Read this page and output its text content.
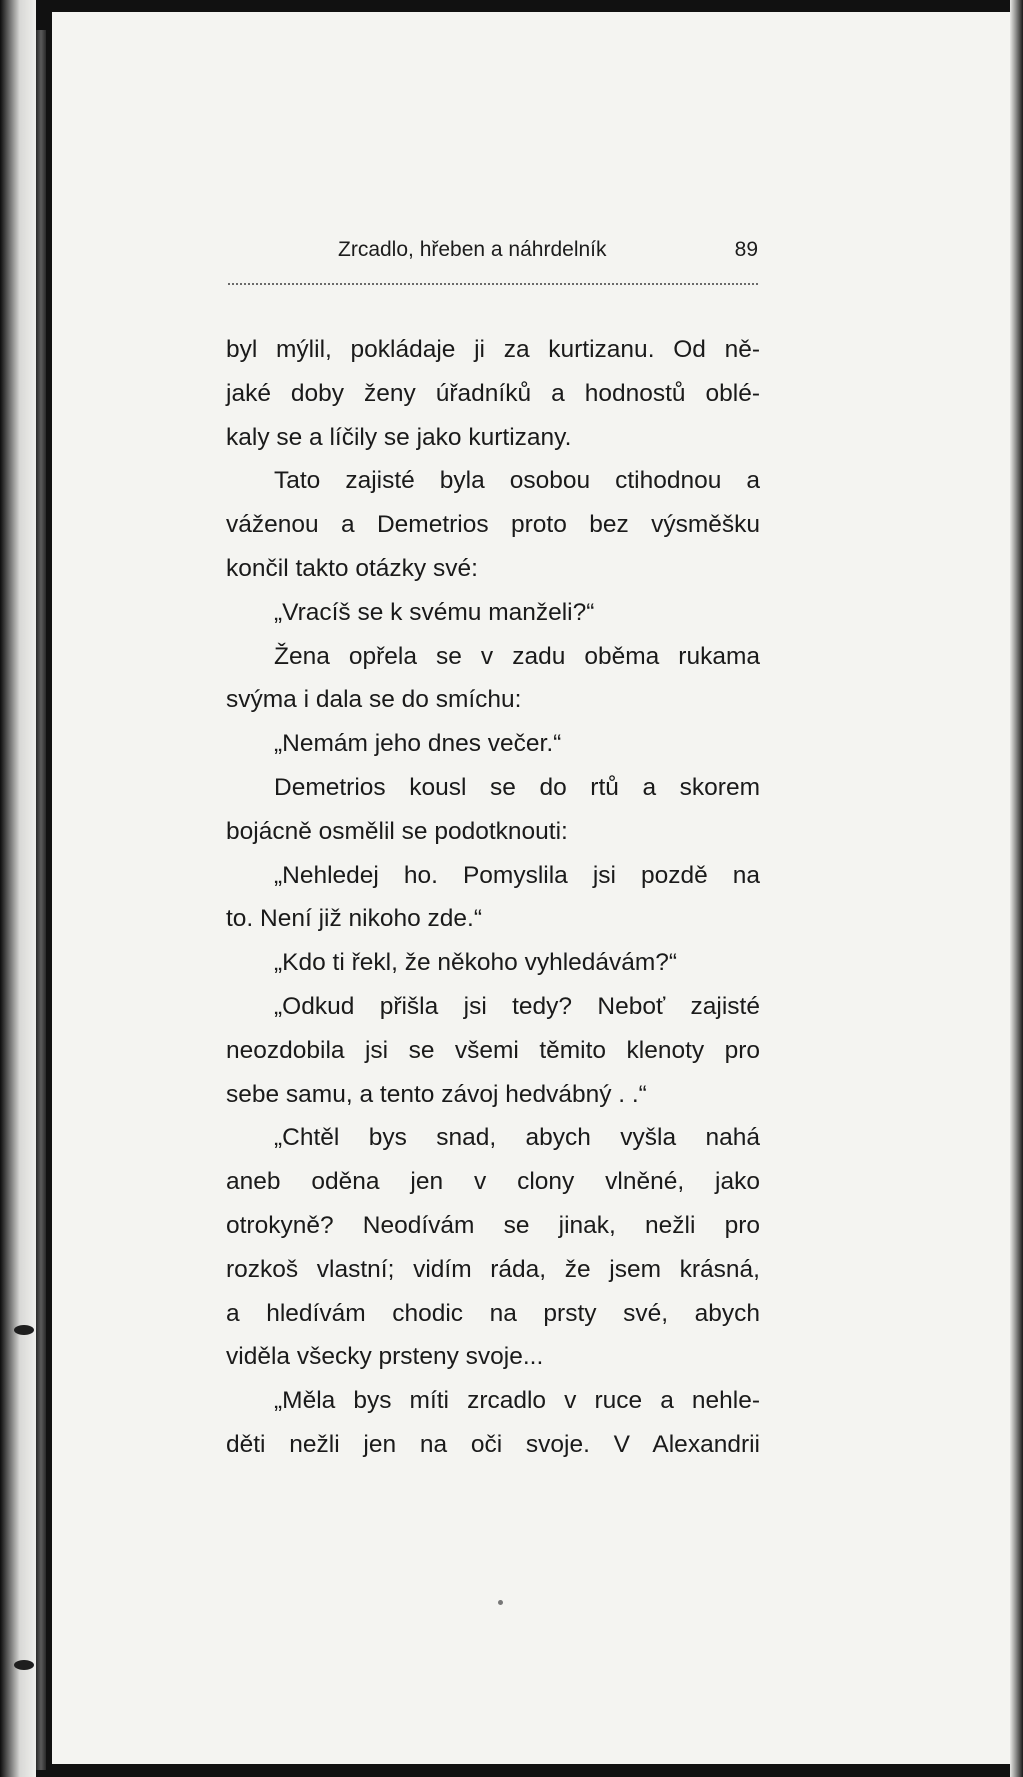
Zrcadlo, hřeben a náhrdelník	89
byl mýlil, pokládaje ji za kurtizanu. Od ně-
jaké doby ženy úřadníků a hodnostů oblé-
kaly se a líčily se jako kurtizany.
Tato zajisté byla osobou ctihodnou a
váženou a Demetrios proto bez výsměšku
končil takto otázky své:
„Vracíš se k svému manželi?“
Žena opřela se v zadu oběma rukama
svýma i dala se do smíchu:
„Nemám jeho dnes večer.“
Demetrios kousl se do rtů a skorem
bojácně osmělil se podotknouti:
„Nehledej ho. Pomyslila jsi pozdě na
to. Není již nikoho zde.“
„Kdo ti řekl, že někoho vyhledávám?“
„Odkud přišla jsi tedy? Neboť zajisté
neozdobila jsi se všemi těmito klenoty pro
sebe samu, a tento závoj hedvábný . .“
„Chtěl bys snad, abych vyšla nahá
aneb oděna jen v clony vlněné, jako
otrokyně? Neodívám se jinak, nežli pro
rozkoš vlastní; vidím ráda, že jsem krásná,
a hledívám chodic na prsty své, abych
viděla všecky prsteny svoje...
„Měla bys míti zrcadlo v ruce a nehle-
děti nežli jen na oči svoje. V Alexandrii
